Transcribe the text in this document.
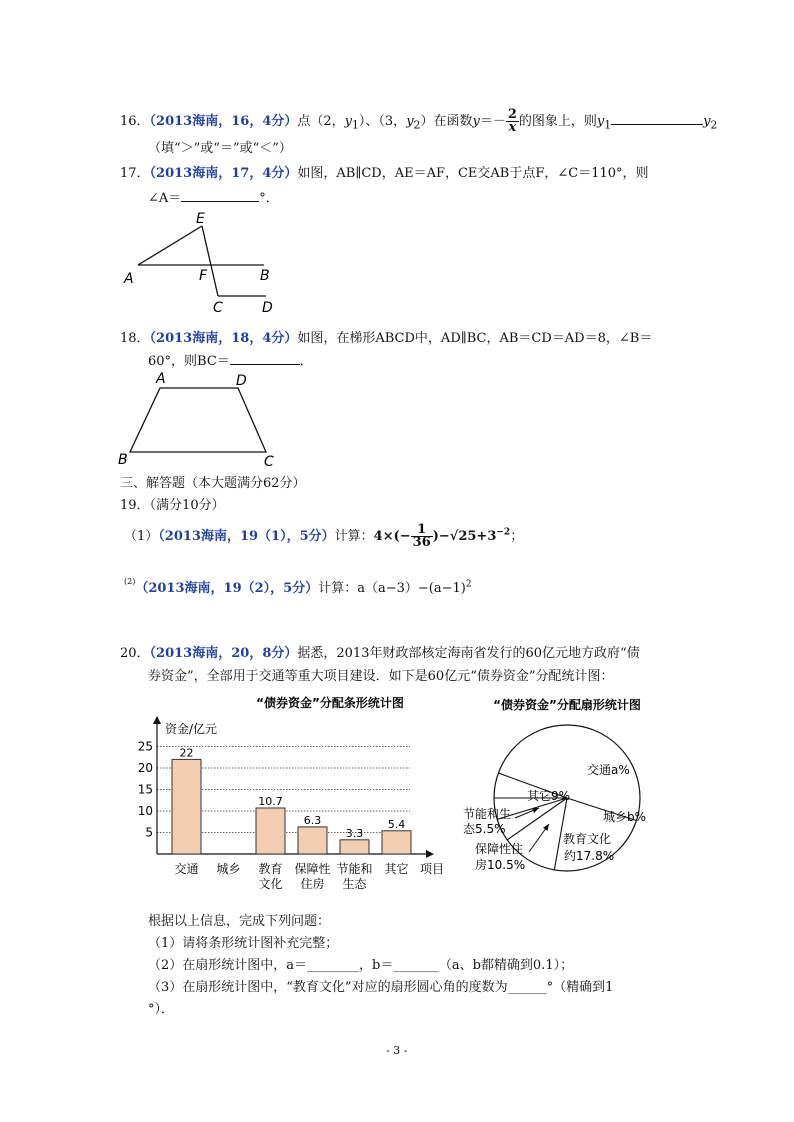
16．（2013海南，16，4分）点（2，$y_1$）、（3，$y_2$）在函数$y=- \frac{2}{x}$ 的图象上，则$y_1$	$y_2$
（填“＞”或“＝”或“＜”）
17．（2013海南，17，4分）如图，AB∥CD，AE＝AF，CE交AB于点F，∠C＝110°，则
∠A＝	°．
E
A	F	B
C	D
18．（2013海南，18，4分）如图，在梯形ABCD中，AD∥BC，AB＝CD＝AD＝8，∠B＝
60°，则BC＝	．
A	D
B	C
三、解答题（本大题满分62分）
19．（满分10分）
（1）（2013海南，19（1），5分）计算：$4\times(- \frac{1}{36} )-√25+3^{-2}$；
$^{(2)}$（2013海南，19（2），5分）计算：$a(a-3)-(a-1)^2$
20．（2013海南，20，8分）据悉，2013年财政部核定海南省发行的60亿元地方政府“债
券资金”，全部用于交通等重大项目建设．如下是60亿元“债券资金”分配统计图：
“债券资金”分配条形统计图
5
10
15
20
25
资金/亿元
项目
22
交通 城乡
10.7
教育
文化
6.3
保障性
住房
3.3
节能和
生态
5.4
其它
“债券资金”分配扇形统计图
交通a%
其它9%
城乡b%
教育文化
约17.8%
节能和生
态5.5%
保障性住
房10.5%
根据以上信息，完成下列问题：
（1）请将条形统计图补充完整；
（2）在扇形统计图中，a＝________，b＝_______（a、b都精确到0.1）；
（3）在扇形统计图中，“教育文化”对应的扇形圆心角的度数为______°（精确到1
°）．
- 3 -
